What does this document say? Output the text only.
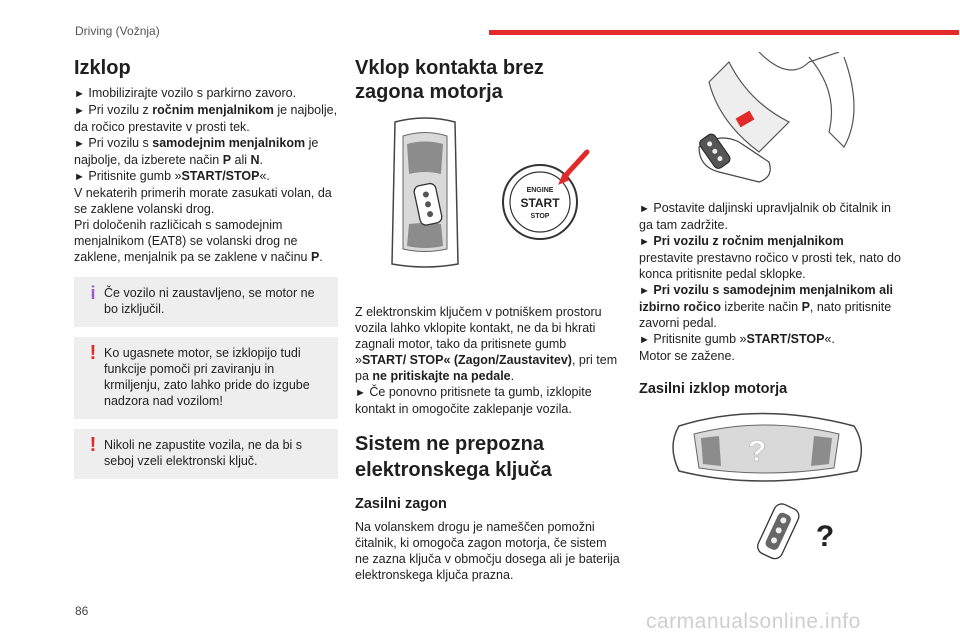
Driving (Vožnja)
Izklop

► Imobilizirajte vozilo s parkirno zavoro.

► Pri vozilu z ročnim menjalnikom je najbolje, da ročico prestavite v prosti tek.

► Pri vozilu s samodejnim menjalnikom je najbolje, da izberete način P ali N.

► Pritisnite gumb »START/STOP«.

V nekaterih primerih morate zasukati volan, da se zaklene volanski drog.

Pri določenih različicah s samodejnim menjalnikom (EAT8) se volanski drog ne zaklene, menjalnik pa se zaklene v načinu P.

i Če vozilo ni zaustavljeno, se motor ne bo izključil.
! Ko ugasnete motor, se izklopijo tudi funkcije pomoči pri zaviranju in krmiljenju, zato lahko pride do izgube nadzora nad vozilom!
! Nikoli ne zapustite vozila, ne da bi s seboj vzeli elektronski ključ.
Vklop kontakta brez zagona motorja
ENGINE
START
STOP

Z elektronskim ključem v potniškem prostoru vozila lahko vklopite kontakt, ne da bi hkrati zagnali motor, tako da pritisnete gumb »START/ STOP« (Zagon/Zaustavitev), pri tem pa ne pritiskajte na pedale.

► Če ponovno pritisnete ta gumb, izklopite kontakt in omogočite zaklepanje vozila.

Sistem ne prepozna elektronskega ključa
Zasilni zagon

Na volanskem drogu je nameščen pomožni čitalnik, ki omogoča zagon motorja, če sistem ne zazna ključa v območju dosega ali je baterija elektronskega ključa prazna.

► Postavite daljinski upravljalnik ob čitalnik in ga tam zadržite.

► Pri vozilu z ročnim menjalnikom prestavite prestavno ročico v prosti tek, nato do konca pritisnite pedal sklopke.

► Pri vozilu s samodejnim menjalnikom ali izbirno ročico izberite način P, nato pritisnite zavorni pedal.

► Pritisnite gumb »START/STOP«.

Motor se zažene.

Zasilni izklop motorja
?
?
86	carmanualsonline.info
